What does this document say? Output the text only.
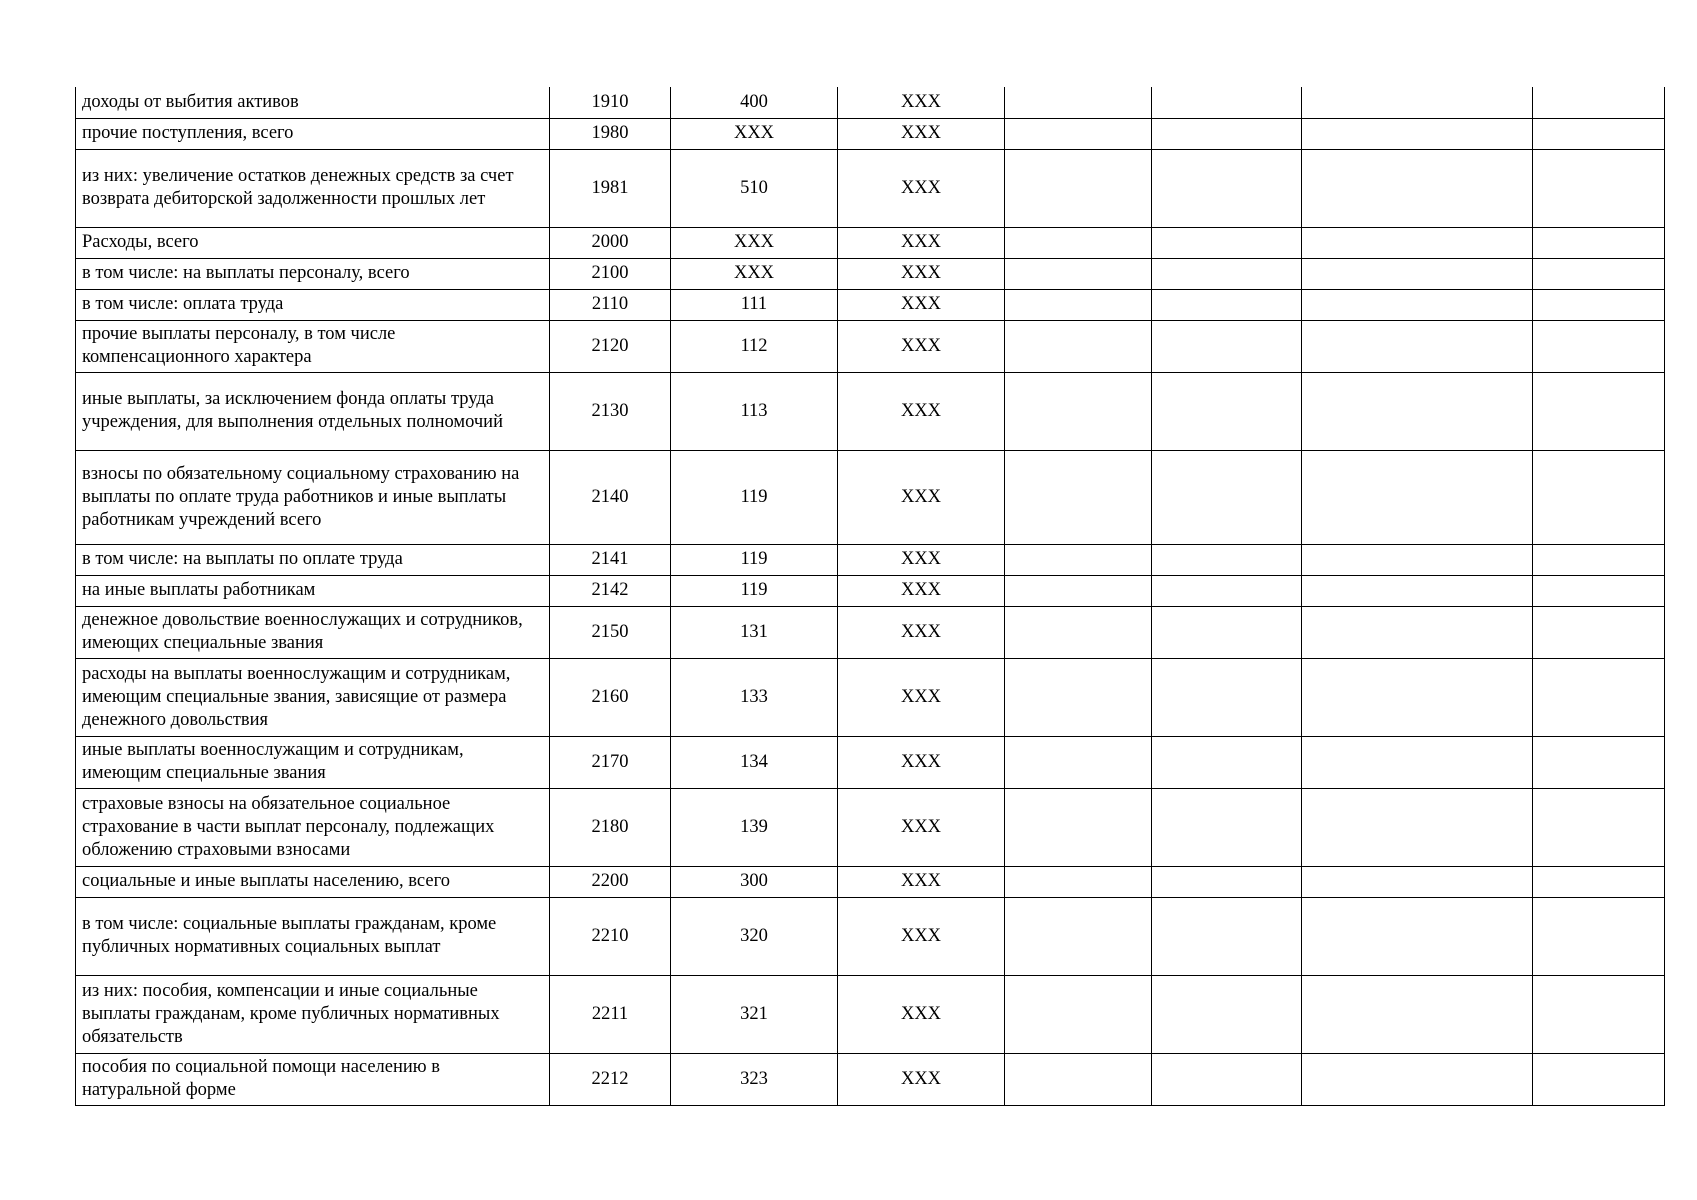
доходы от выбития активов	1910	400	XXX				
прочие поступления, всего	1980	XXX	XXX				
из них: увеличение остатков денежных средств за счет возврата дебиторской задолженности прошлых лет	1981	510	XXX				
Расходы, всего	2000	XXX	XXX				
в том числе: на выплаты персоналу, всего	2100	XXX	XXX				
в том числе: оплата труда	2110	111	XXX				
прочие выплаты персоналу, в том числе компенсационного характера	2120	112	XXX				
иные выплаты, за исключением фонда оплаты труда учреждения, для выполнения отдельных полномочий	2130	113	XXX				
взносы по обязательному социальному страхованию на выплаты по оплате труда работников и иные выплаты работникам учреждений всего	2140	119	XXX				
в том числе: на выплаты по оплате труда	2141	119	XXX				
на иные выплаты работникам	2142	119	XXX				
денежное довольствие военнослужащих и сотрудников, имеющих специальные звания	2150	131	XXX				
расходы на выплаты военнослужащим и сотрудникам, имеющим специальные звания, зависящие от размера денежного довольствия	2160	133	XXX				
иные выплаты военнослужащим и сотрудникам, имеющим специальные звания	2170	134	XXX				
страховые взносы на обязательное социальное страхование в части выплат персоналу, подлежащих обложению страховыми взносами	2180	139	XXX				
социальные и иные выплаты населению, всего	2200	300	XXX				
в том числе: социальные выплаты гражданам, кроме публичных нормативных социальных выплат	2210	320	XXX				
из них: пособия, компенсации и иные социальные выплаты гражданам, кроме публичных нормативных обязательств	2211	321	XXX				
пособия по социальной помощи населению в натуральной форме	2212	323	XXX				
